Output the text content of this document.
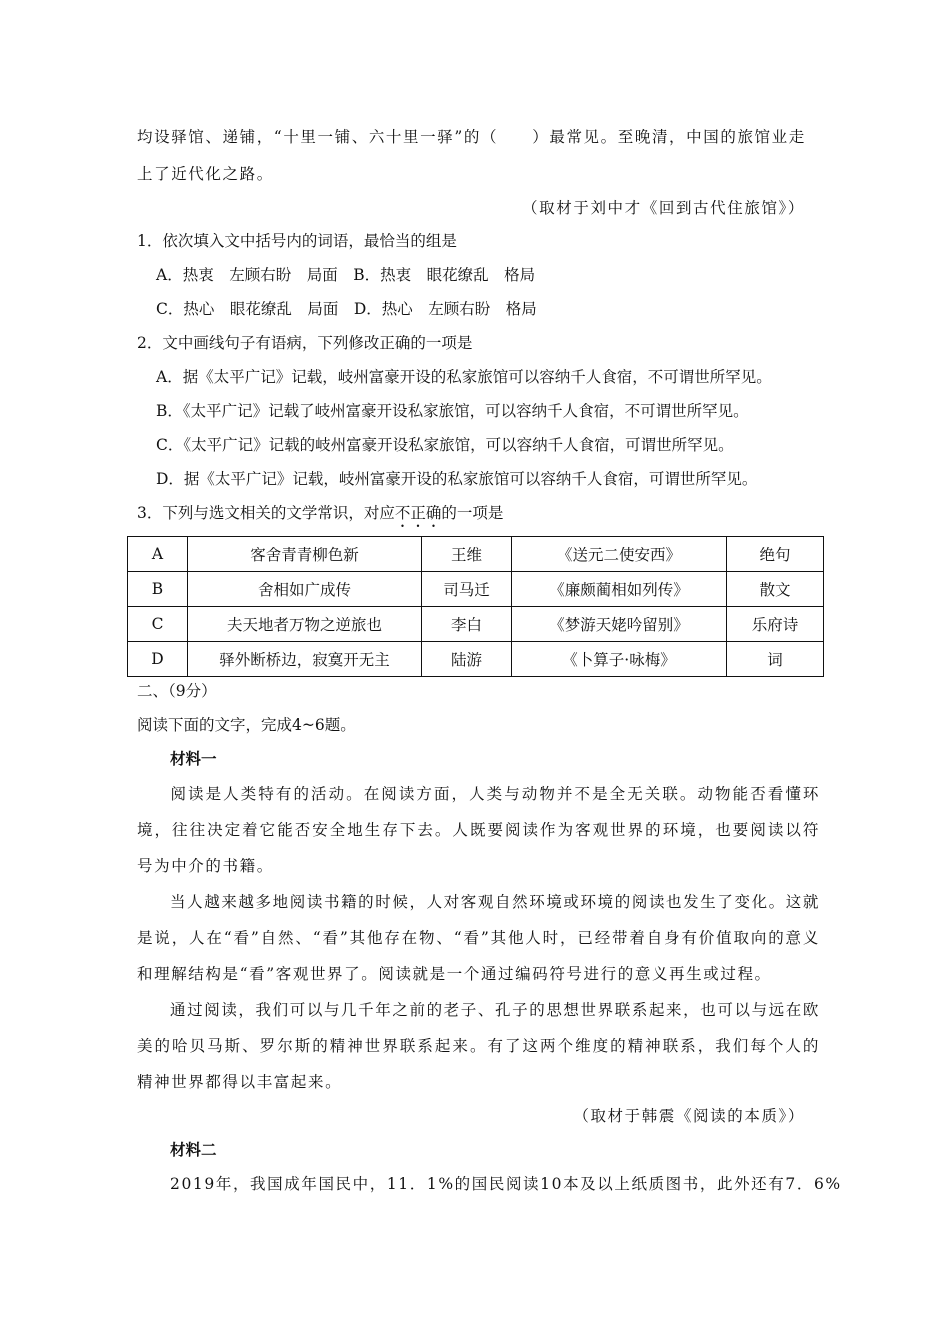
均设驿馆、递铺，“十里一铺、六十里一驿”的（　　）最常见。至晚清，中国的旅馆业走
上了近代化之路。
（取材于刘中才《回到古代住旅馆》）
1．依次填入文中括号内的词语，最恰当的组是
A．热衷　左顾右盼　局面　B．热衷　眼花缭乱　格局
C．热心　眼花缭乱　局面　D．热心　左顾右盼　格局
2．文中画线句子有语病，下列修改正确的一项是
A．据《太平广记》记载，岐州富豪开设的私家旅馆可以容纳千人食宿，不可谓世所罕见。
B．《太平广记》记载了岐州富豪开设私家旅馆，可以容纳千人食宿，不可谓世所罕见。
C．《太平广记》记载的岐州富豪开设私家旅馆，可以容纳千人食宿，可谓世所罕见。
D．据《太平广记》记载，岐州富豪开设的私家旅馆可以容纳千人食宿，可谓世所罕见。
3．下列与选文相关的文学常识，对应不正确的一项是
A	客舍青青柳色新	王维	《送元二使安西》	绝句
B	舍相如广成传	司马迁	《廉颇蔺相如列传》	散文
C	夫天地者万物之逆旅也	李白	《梦游天姥吟留别》	乐府诗
D	驿外断桥边，寂寞开无主	陆游	《卜算子·咏梅》	词
二、（9分）
阅读下面的文字，完成4~6题。
材料一
阅读是人类特有的活动。在阅读方面，人类与动物并不是全无关联。动物能否看懂环境，往往决定着它能否安全地生存下去。人既要阅读作为客观世界的环境，也要阅读以符号为中介的书籍。
当人越来越多地阅读书籍的时候，人对客观自然环境或环境的阅读也发生了变化。这就是说，人在“看”自然、“看”其他存在物、“看”其他人时，已经带着自身有价值取向的意义和理解结构是“看”客观世界了。阅读就是一个通过编码符号进行的意义再生或过程。
通过阅读，我们可以与几千年之前的老子、孔子的思想世界联系起来，也可以与远在欧美的哈贝马斯、罗尔斯的精神世界联系起来。有了这两个维度的精神联系，我们每个人的精神世界都得以丰富起来。
（取材于韩震《阅读的本质》）
材料二
2019年，我国成年国民中，11．1%的国民阅读10本及以上纸质图书，此外还有7．6%
